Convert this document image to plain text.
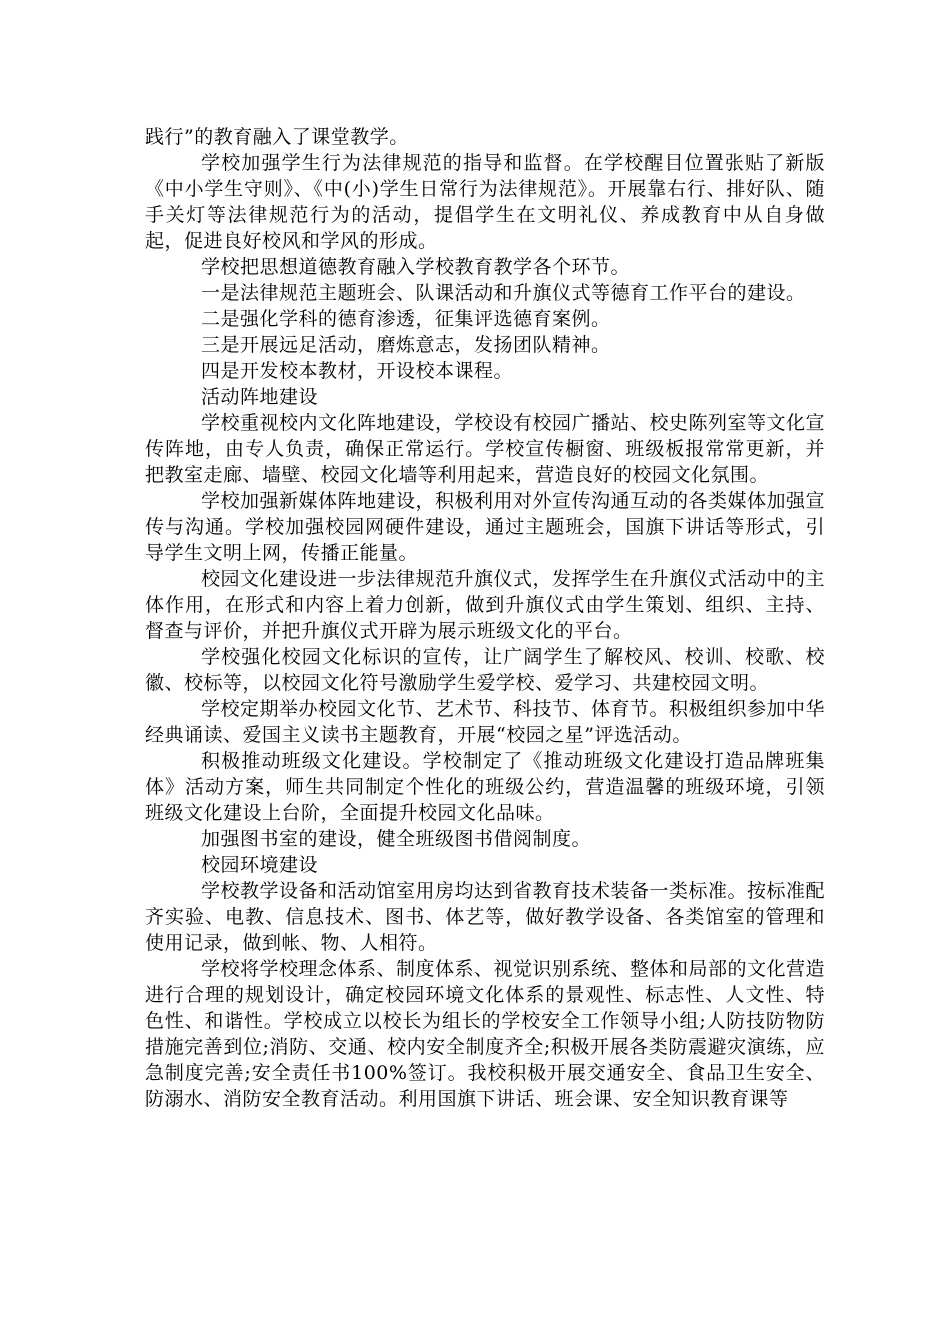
践行”的教育融入了课堂教学。

学校加强学生行为法律规范的指导和监督。在学校醒目位置张贴了新版《中小学生守则》、《中(小)学生日常行为法律规范》。开展靠右行、排好队、随手关灯等法律规范行为的活动，提倡学生在文明礼仪、养成教育中从自身做起，促进良好校风和学风的形成。

学校把思想道德教育融入学校教育教学各个环节。

一是法律规范主题班会、队课活动和升旗仪式等德育工作平台的建设。

二是强化学科的德育渗透，征集评选德育案例。

三是开展远足活动，磨炼意志，发扬团队精神。

四是开发校本教材，开设校本课程。

活动阵地建设

学校重视校内文化阵地建设，学校设有校园广播站、校史陈列室等文化宣传阵地，由专人负责，确保正常运行。学校宣传橱窗、班级板报常常更新，并把教室走廊、墙壁、校园文化墙等利用起来，营造良好的校园文化氛围。

学校加强新媒体阵地建设，积极利用对外宣传沟通互动的各类媒体加强宣传与沟通。学校加强校园网硬件建设，通过主题班会，国旗下讲话等形式，引导学生文明上网，传播正能量。

校园文化建设进一步法律规范升旗仪式，发挥学生在升旗仪式活动中的主体作用，在形式和内容上着力创新，做到升旗仪式由学生策划、组织、主持、督查与评价，并把升旗仪式开辟为展示班级文化的平台。

学校强化校园文化标识的宣传，让广阔学生了解校风、校训、校歌、校徽、校标等，以校园文化符号激励学生爱学校、爱学习、共建校园文明。

学校定期举办校园文化节、艺术节、科技节、体育节。积极组织参加中华经典诵读、爱国主义读书主题教育，开展“校园之星”评选活动。

积极推动班级文化建设。学校制定了《推动班级文化建设打造品牌班集体》活动方案，师生共同制定个性化的班级公约，营造温馨的班级环境，引领班级文化建设上台阶，全面提升校园文化品味。

加强图书室的建设，健全班级图书借阅制度。

校园环境建设

学校教学设备和活动馆室用房均达到省教育技术装备一类标准。按标准配齐实验、电教、信息技术、图书、体艺等，做好教学设备、各类馆室的管理和使用记录，做到帐、物、人相符。

学校将学校理念体系、制度体系、视觉识别系统、整体和局部的文化营造进行合理的规划设计，确定校园环境文化体系的景观性、标志性、人文性、特色性、和谐性。学校成立以校长为组长的学校安全工作领导小组;人防技防物防措施完善到位;消防、交通、校内安全制度齐全;积极开展各类防震避灾演练，应急制度完善;安全责任书100%签订。我校积极开展交通安全、食品卫生安全、防溺水、消防安全教育活动。利用国旗下讲话、班会课、安全知识教育课等
